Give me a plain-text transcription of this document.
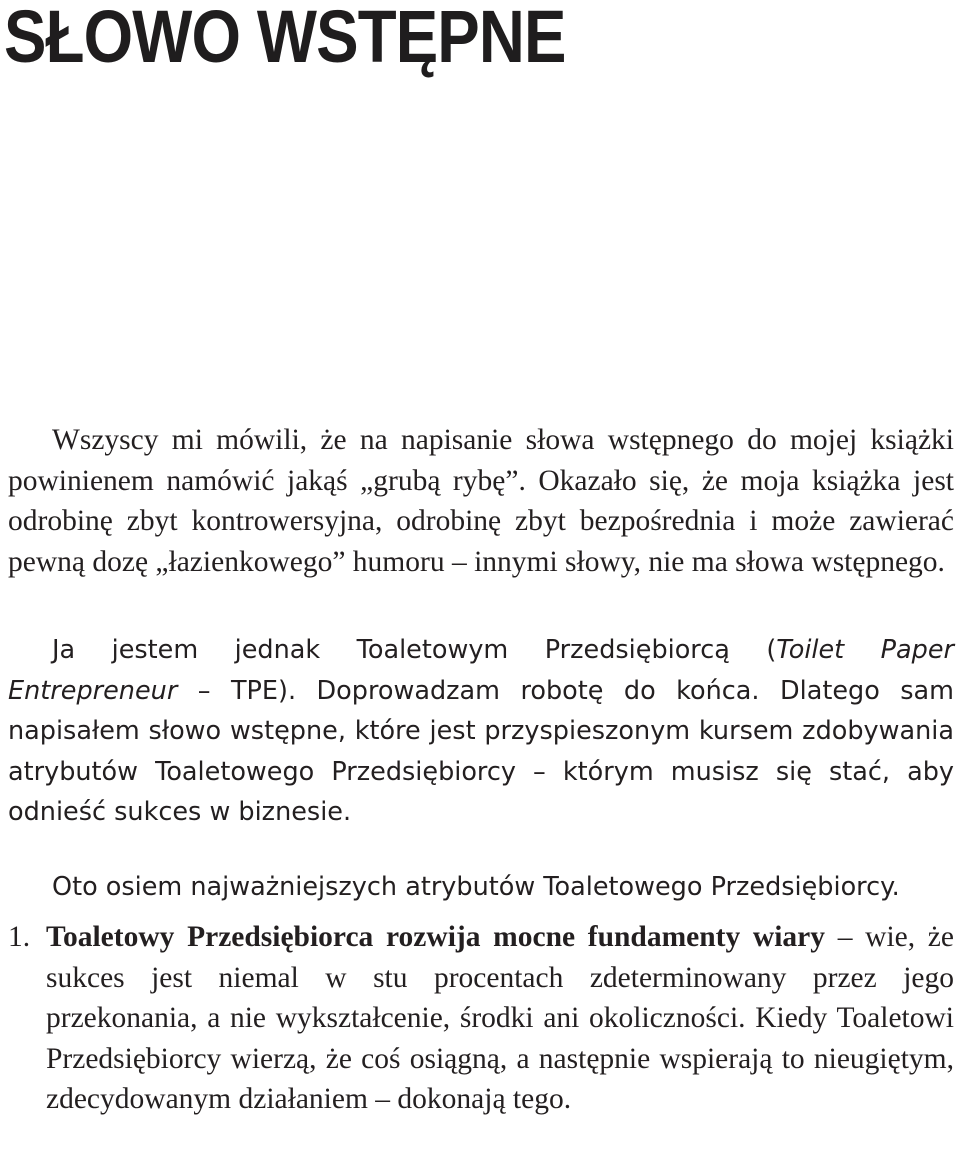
SŁOWO WSTĘPNE

Wszyscy mi mówili, że na napisanie słowa wstępnego do mojej książki powinienem namówić jakąś „grubą rybę”. Okazało się, że moja książka jest odrobinę zbyt kontrowersyjna, odrobinę zbyt bezpośrednia i może zawierać pewną dozę „łazienkowego” humoru – innymi słowy, nie ma słowa wstępnego.

Ja jestem jednak Toaletowym Przedsiębiorcą (Toilet Paper Entrepreneur – TPE). Doprowadzam robotę do końca. Dlatego sam napisałem słowo wstępne, które jest przyspieszonym kursem zdobywania atrybutów Toaletowego Przedsiębiorcy – którym musisz się stać, aby odnieść sukces w biznesie.

Oto osiem najważniejszych atrybutów Toaletowego Przedsiębiorcy.

1. Toaletowy Przedsiębiorca rozwija mocne fundamenty wiary – wie, że sukces jest niemal w stu procentach zdeterminowany przez jego przekonania, a nie wykształcenie, środki ani okoliczności. Kiedy Toaletowi Przedsiębiorcy wierzą, że coś osiągną, a następnie wspierają to nieugiętym, zdecydowanym działaniem – dokonają tego.
